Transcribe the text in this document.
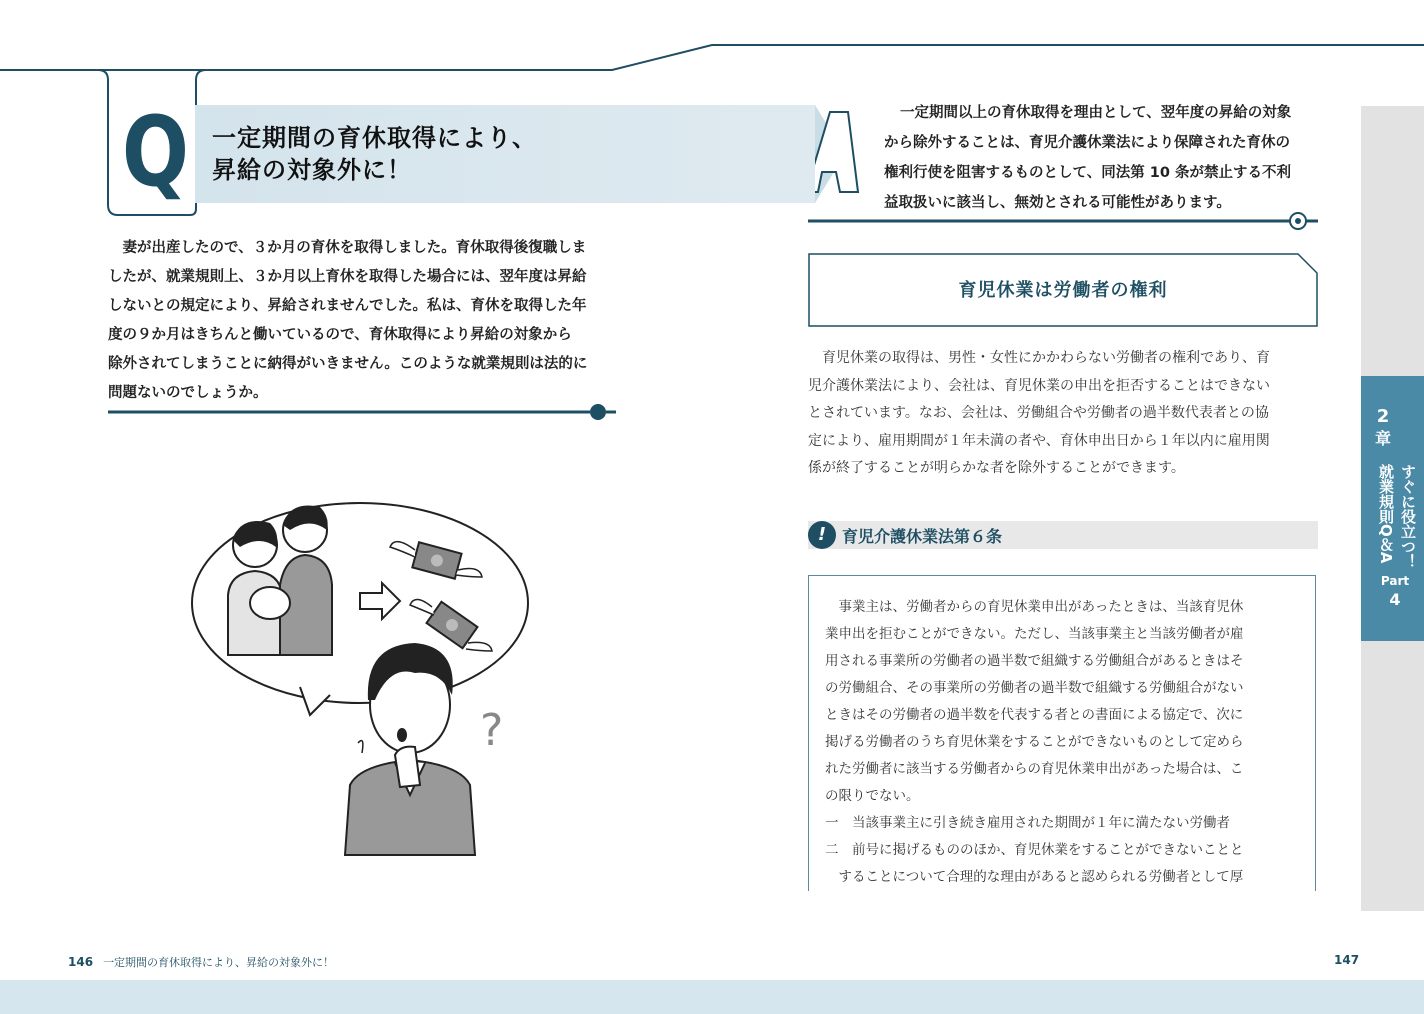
Q 一定期間の育休取得により、
昇給の対象外に！

　妻が出産したので、３か月の育休を取得しました。育休取得後復職しま

したが、就業規則上、３か月以上育休を取得した場合には、翌年度は昇給

しないとの規定により、昇給されませんでした。私は、育休を取得した年

度の９か月はきちんと働いているので、育休取得により昇給の対象から

除外されてしまうことに納得がいきません。このような就業規則は法的に

問題ないのでしょうか。

一定期間以上の育休取得を理由として、翌年度の昇給の対象

から除外することは、育児介護休業法により保障された育休の

権利行使を阻害するものとして、同法第 10 条が禁止する不利

益取扱いに該当し、無効とされる可能性があります。

育児休業は労働者の権利

　育児休業の取得は、男性・女性にかかわらない労働者の権利であり、育

児介護休業法により、会社は、育児休業の申出を拒否することはできない

とされています。なお、会社は、労働組合や労働者の過半数代表者との協

定により、雇用期間が１年未満の者や、育休申出日から１年以内に雇用関

係が終了することが明らかな者を除外することができます。

! 育児介護休業法第６条

　事業主は、労働者からの育児休業申出があったときは、当該育児休

業申出を拒むことができない。ただし、当該事業主と当該労働者が雇

用される事業所の労働者の過半数で組織する労働組合があるときはそ

の労働組合、その事業所の労働者の過半数で組織する労働組合がない

ときはその労働者の過半数を代表する者との書面による協定で、次に

掲げる労働者のうち育児休業をすることができないものとして定めら

れた労働者に該当する労働者からの育児休業申出があった場合は、こ

の限りでない。

一　当該事業主に引き続き雇用された期間が１年に満たない労働者

二　前号に掲げるもののほか、育児休業をすることができないことと

　することについて合理的な理由があると認められる労働者として厚

?
2
章
すぐに役立つ！
就業規則Q＆A
Part
4
146 一定期間の育休取得により、昇給の対象外に！	147
